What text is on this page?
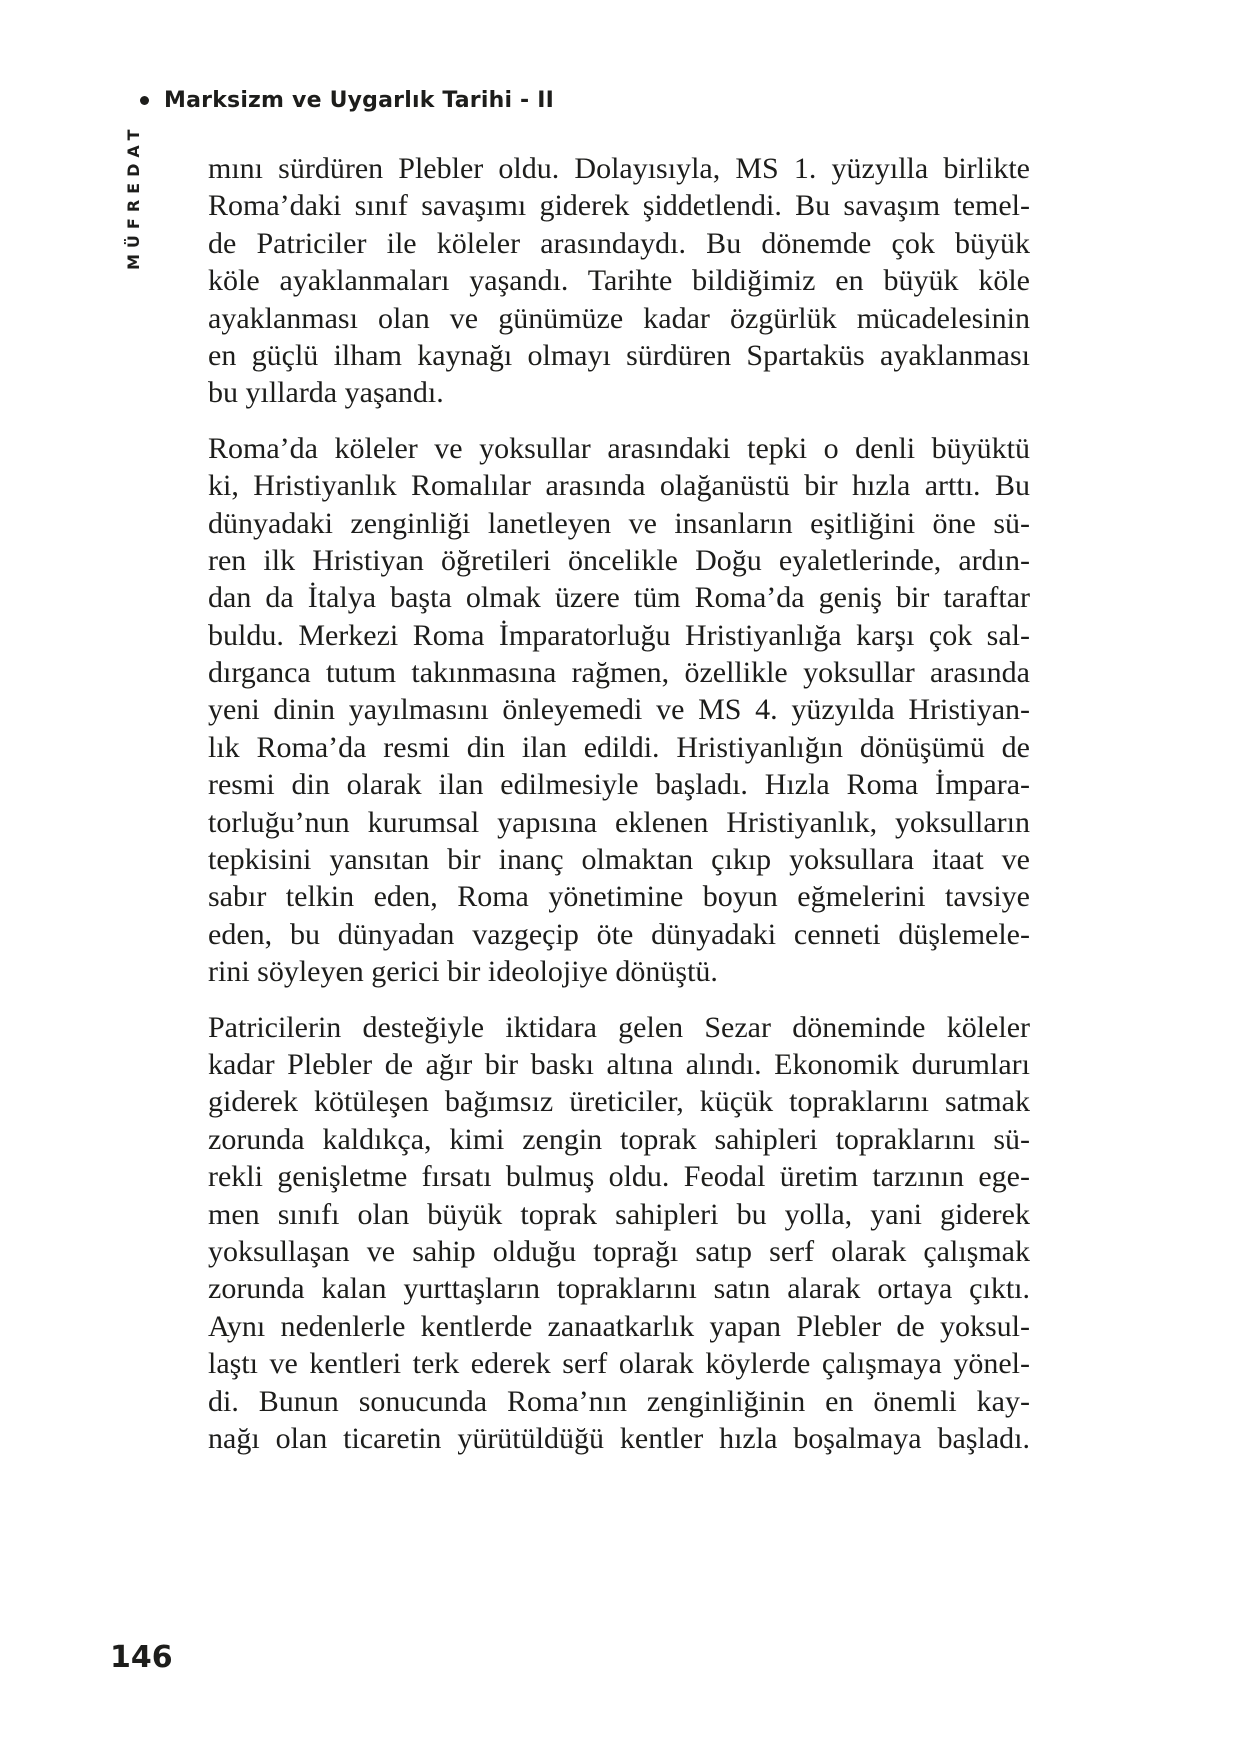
Marksizm ve Uygarlık Tarihi - II
MÜFREDAT mını sürdüren Plebler oldu. Dolayısıyla, MS 1. yüzyılla birlikte
Roma’daki sınıf savaşımı giderek şiddetlendi. Bu savaşım temel-
de Patriciler ile köleler arasındaydı. Bu dönemde çok büyük
köle ayaklanmaları yaşandı. Tarihte bildiğimiz en büyük köle
ayaklanması olan ve günümüze kadar özgürlük mücadelesinin
en güçlü ilham kaynağı olmayı sürdüren Spartaküs ayaklanması
bu yıllarda yaşandı.
Roma’da köleler ve yoksullar arasındaki tepki o denli büyüktü
ki, Hristiyanlık Romalılar arasında olağanüstü bir hızla arttı. Bu
dünyadaki zenginliği lanetleyen ve insanların eşitliğini öne sü-
ren ilk Hristiyan öğretileri öncelikle Doğu eyaletlerinde, ardın-
dan da İtalya başta olmak üzere tüm Roma’da geniş bir taraftar
buldu. Merkezi Roma İmparatorluğu Hristiyanlığa karşı çok sal-
dırganca tutum takınmasına rağmen, özellikle yoksullar arasında
yeni dinin yayılmasını önleyemedi ve MS 4. yüzyılda Hristiyan-
lık Roma’da resmi din ilan edildi. Hristiyanlığın dönüşümü de
resmi din olarak ilan edilmesiyle başladı. Hızla Roma İmpara-
torluğu’nun kurumsal yapısına eklenen Hristiyanlık, yoksulların
tepkisini yansıtan bir inanç olmaktan çıkıp yoksullara itaat ve
sabır telkin eden, Roma yönetimine boyun eğmelerini tavsiye
eden, bu dünyadan vazgeçip öte dünyadaki cenneti düşlemele-
rini söyleyen gerici bir ideolojiye dönüştü.
Patricilerin desteğiyle iktidara gelen Sezar döneminde köleler
kadar Plebler de ağır bir baskı altına alındı. Ekonomik durumları
giderek kötüleşen bağımsız üreticiler, küçük topraklarını satmak
zorunda kaldıkça, kimi zengin toprak sahipleri topraklarını sü-
rekli genişletme fırsatı bulmuş oldu. Feodal üretim tarzının ege-
men sınıfı olan büyük toprak sahipleri bu yolla, yani giderek
yoksullaşan ve sahip olduğu toprağı satıp serf olarak çalışmak
zorunda kalan yurttaşların topraklarını satın alarak ortaya çıktı.
Aynı nedenlerle kentlerde zanaatkarlık yapan Plebler de yoksul-
laştı ve kentleri terk ederek serf olarak köylerde çalışmaya yönel-
di. Bunun sonucunda Roma’nın zenginliğinin en önemli kay-
nağı olan ticaretin yürütüldüğü kentler hızla boşalmaya başladı.
146
